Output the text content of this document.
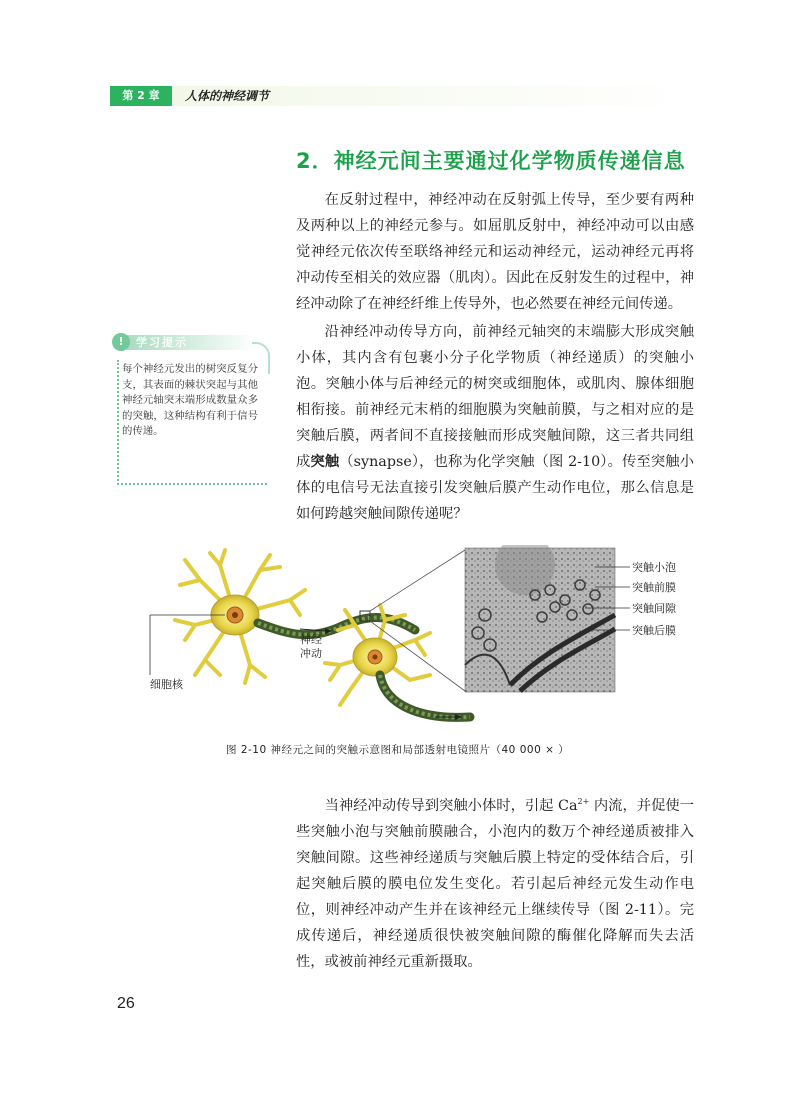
第 2 章	人体的神经调节
2．神经元间主要通过化学物质传递信息

在反射过程中，神经冲动在反射弧上传导，至少要有两种及两种以上的神经元参与。如屈肌反射中，神经冲动可以由感觉神经元依次传至联络神经元和运动神经元，运动神经元再将冲动传至相关的效应器（肌肉）。因此在反射发生的过程中，神经冲动除了在神经纤维上传导外，也必然要在神经元间传递。

沿神经冲动传导方向，前神经元轴突的末端膨大形成突触小体，其内含有包裹小分子化学物质（神经递质）的突触小泡。突触小体与后神经元的树突或细胞体，或肌肉、腺体细胞相衔接。前神经元末梢的细胞膜为突触前膜，与之相对应的是突触后膜，两者间不直接接触而形成突触间隙，这三者共同组成突触（synapse），也称为化学突触（图 2-10）。传至突触小体的电信号无法直接引发突触后膜产生动作电位，那么信息是如何跨越突触间隙传递呢？

!	学习提示

每个神经元发出的树突反复分支，其表面的棘状突起与其他神经元轴突末端形成数量众多的突触，这种结构有利于信号的传递。

突触小泡
突触前膜
突触间隙
突触后膜
神经
冲动
细胞核
图 2-10 神经元之间的突触示意图和局部透射电镜照片（40 000 × ）

当神经冲动传导到突触小体时，引起 $Ca^{2+}$ 内流，并促使一些突触小泡与突触前膜融合，小泡内的数万个神经递质被排入突触间隙。这些神经递质与突触后膜上特定的受体结合后，引起突触后膜的膜电位发生变化。若引起后神经元发生动作电位，则神经冲动产生并在该神经元上继续传导（图 2-11）。完成传递后，神经递质很快被突触间隙的酶催化降解而失去活性，或被前神经元重新摄取。

26
